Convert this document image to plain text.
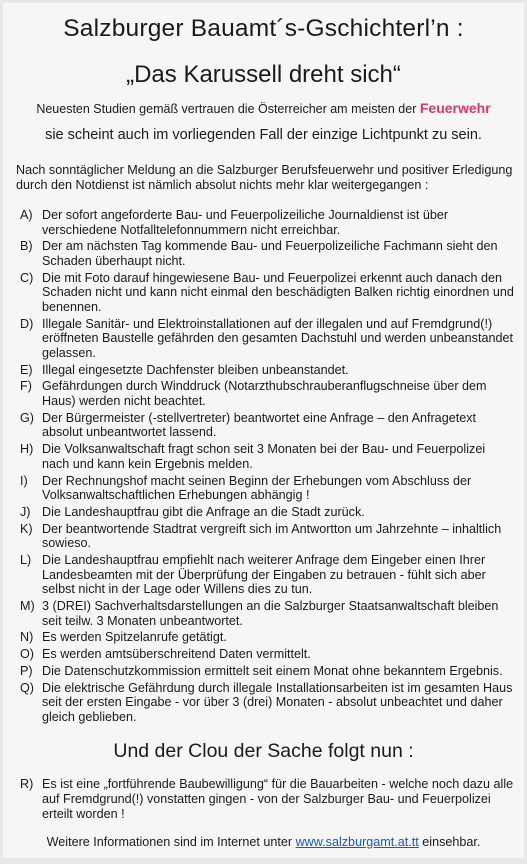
Salzburger Bauamt´s-Gschichterl’n :
„Das Karussell dreht sich“
Neuesten Studien gemäß vertrauen die Österreicher am meisten der Feuerwehr
sie scheint auch im vorliegenden Fall der einzige Lichtpunkt zu sein.
Nach sonntäglicher Meldung an die Salzburger Berufsfeuerwehr und positiver Erledigung durch den Notdienst ist nämlich absolut nichts mehr klar weitergegangen :
A) Der sofort angeforderte Bau- und Feuerpolizeiliche Journaldienst ist über verschiedene Notfalltelefonnummern nicht erreichbar.
B) Der am nächsten Tag kommende Bau- und Feuerpolizeiliche Fachmann sieht den Schaden überhaupt nicht.
C) Die mit Foto darauf hingewiesene Bau- und Feuerpolizei erkennt auch danach den Schaden nicht und kann nicht einmal den beschädigten Balken richtig einordnen und benennen.
D) Illegale Sanitär- und Elektroinstallationen auf der illegalen und auf Fremdgrund(!) eröffneten Baustelle gefährden den gesamten Dachstuhl und werden unbeanstandet gelassen.
E) Illegal eingesetzte Dachfenster bleiben unbeanstandet.
F) Gefährdungen durch Winddruck (Notarzthubschrauberanflugschneise über dem Haus) werden nicht beachtet.
G) Der Bürgermeister (-stellvertreter) beantwortet eine Anfrage – den Anfragetext absolut unbeantwortet lassend.
H) Die Volksanwaltschaft fragt schon seit 3 Monaten bei der Bau- und Feuerpolizei nach und kann kein Ergebnis melden.
I) Der Rechnungshof macht seinen Beginn der Erhebungen vom Abschluss der Volksanwaltschaftlichen Erhebungen abhängig !
J) Die Landeshauptfrau gibt die Anfrage an die Stadt zurück.
K) Der beantwortende Stadtrat vergreift sich im Antwortton um Jahrzehnte – inhaltlich sowieso.
L) Die Landeshauptfrau empfiehlt nach weiterer Anfrage dem Eingeber einen Ihrer Landesbeamten mit der Überprüfung der Eingaben zu betrauen - fühlt sich aber selbst nicht in der Lage oder Willens dies zu tun.
M) 3 (DREI) Sachverhaltsdarstellungen an die Salzburger Staatsanwaltschaft bleiben seit teilw. 3 Monaten unbeantwortet.
N) Es werden Spitzelanrufe getätigt.
O) Es werden amtsüberschreitend Daten vermittelt.
P) Die Datenschutzkommission ermittelt seit einem Monat ohne bekanntem Ergebnis.
Q) Die elektrische Gefährdung durch illegale Installationsarbeiten ist im gesamten Haus seit der ersten Eingabe - vor über 3 (drei) Monaten - absolut unbeachtet und daher gleich geblieben.
Und der Clou der Sache folgt nun :
R) Es ist eine „fortführende Baubewilligung“ für die Bauarbeiten - welche noch dazu alle auf Fremdgrund(!) vonstatten gingen - von der Salzburger Bau- und Feuerpolizei erteilt worden !
Weitere Informationen sind im Internet unter www.salzburgamt.at.tt einsehbar.
